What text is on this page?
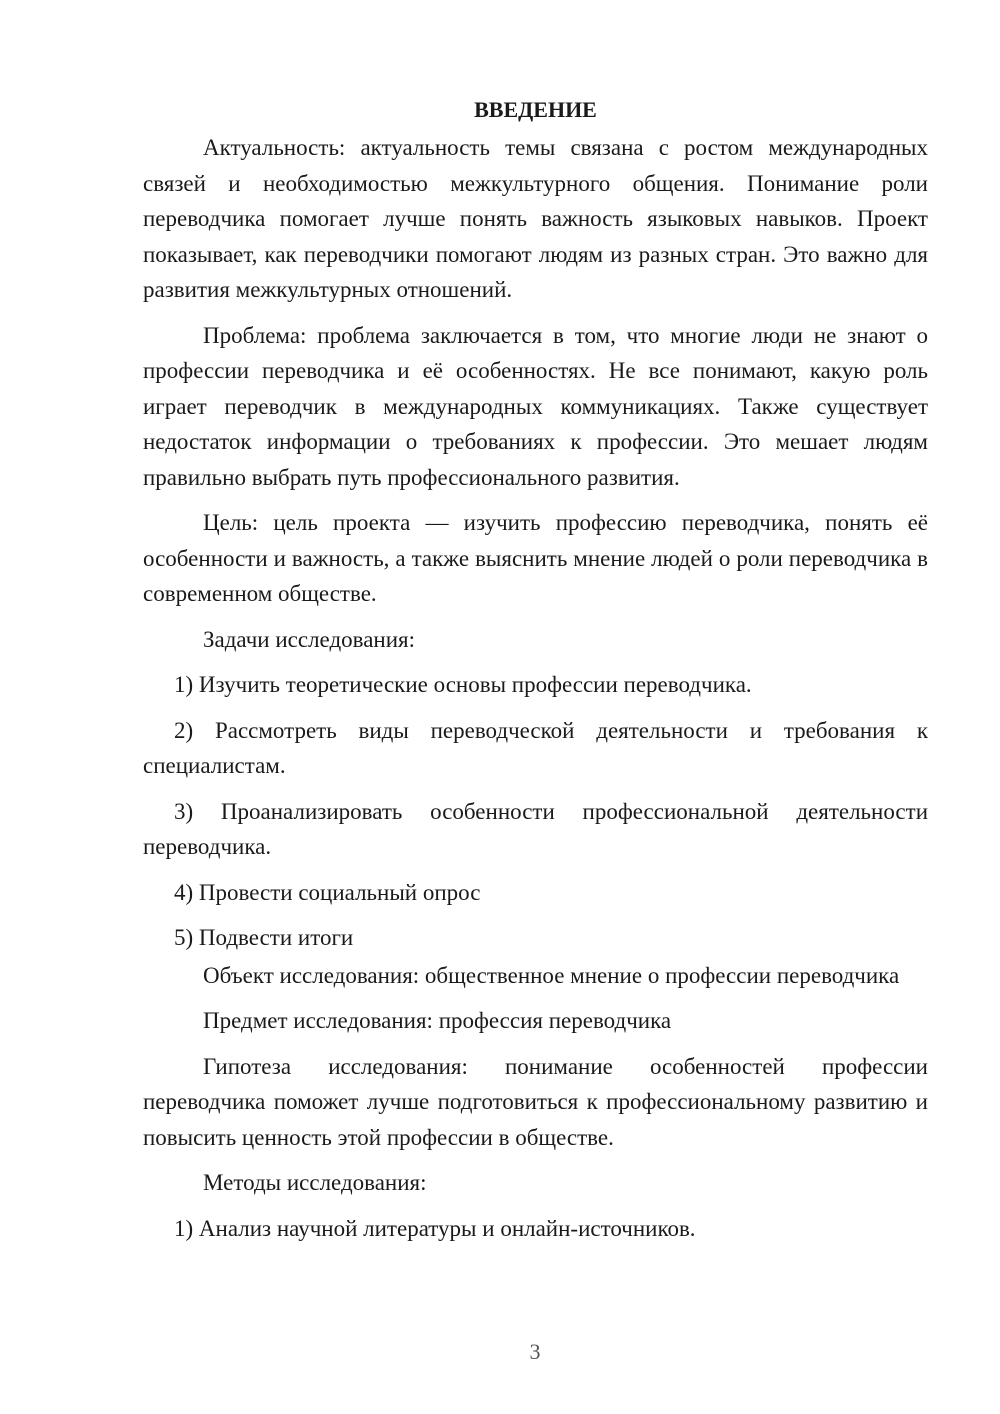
ВВЕДЕНИЕ

Актуальность: актуальность темы связана с ростом международных связей и необходимостью межкультурного общения. Понимание роли переводчика помогает лучше понять важность языковых навыков. Проект показывает, как переводчики помогают людям из разных стран. Это важно для развития межкультурных отношений.

Проблема: проблема заключается в том, что многие люди не знают о профессии переводчика и её особенностях. Не все понимают, какую роль играет переводчик в международных коммуникациях. Также существует недостаток информации о требованиях к профессии. Это мешает людям правильно выбрать путь профессионального развития.

Цель: цель проекта — изучить профессию переводчика, понять её особенности и важность, а также выяснить мнение людей о роли переводчика в современном обществе.

Задачи исследования:

1) Изучить теоретические основы профессии переводчика.

2) Рассмотреть виды переводческой деятельности и требования к специалистам.

3) Проанализировать особенности профессиональной деятельности переводчика.

4) Провести социальный опрос

5) Подвести итоги

Объект исследования: общественное мнение о профессии переводчика

Предмет исследования: профессия переводчика

Гипотеза исследования: понимание особенностей профессии переводчика поможет лучше подготовиться к профессиональному развитию и повысить ценность этой профессии в обществе.

Методы исследования:

1) Анализ научной литературы и онлайн-источников.

3
